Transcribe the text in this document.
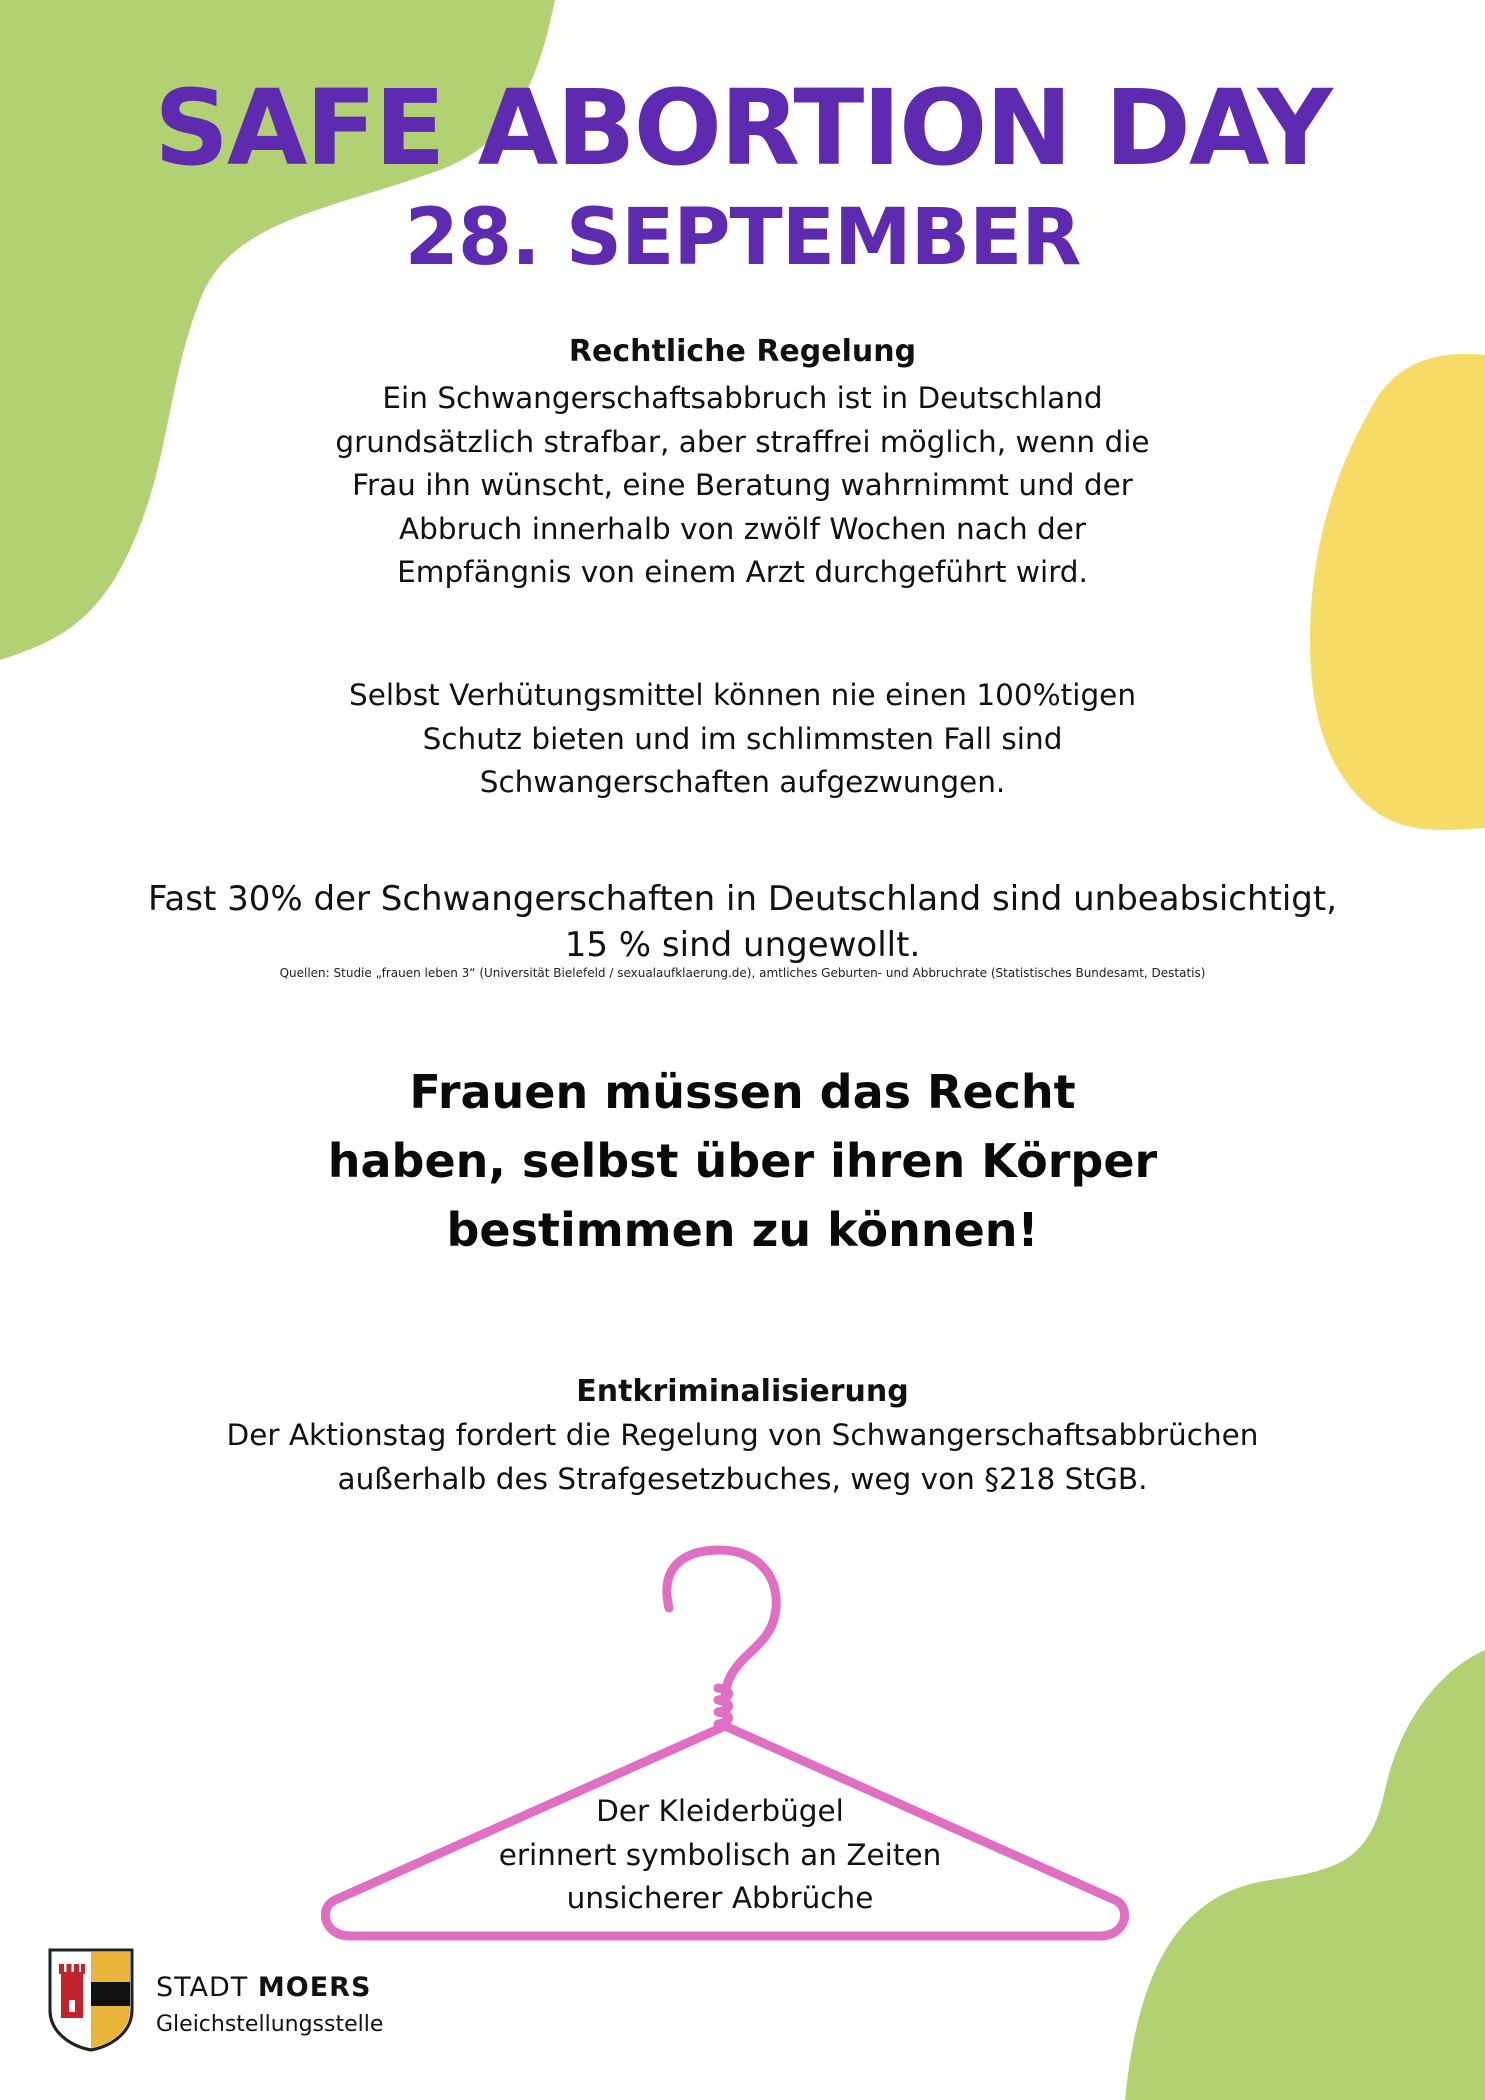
SAFE ABORTION DAY
28. SEPTEMBER
Rechtliche Regelung
Ein Schwangerschaftsabbruch ist in Deutschland
grundsätzlich strafbar, aber straffrei möglich, wenn die
Frau ihn wünscht, eine Beratung wahrnimmt und der
Abbruch innerhalb von zwölf Wochen nach der
Empfängnis von einem Arzt durchgeführt wird.
Selbst Verhütungsmittel können nie einen 100%tigen
Schutz bieten und im schlimmsten Fall sind
Schwangerschaften aufgezwungen.
Fast 30% der Schwangerschaften in Deutschland sind unbeabsichtigt,
15 % sind ungewollt.
Quellen: Studie „frauen leben 3“ (Universität Bielefeld / sexualaufklaerung.de), amtliches Geburten- und Abbruchrate (Statistisches Bundesamt, Destatis)
Frauen müssen das Recht
haben, selbst über ihren Körper
bestimmen zu können!
Entkriminalisierung
Der Aktionstag fordert die Regelung von Schwangerschaftsabbrüchen
außerhalb des Strafgesetzbuches, weg von §218 StGB.
Der Kleiderbügel
erinnert symbolisch an Zeiten
unsicherer Abbrüche
STADT MOERS
Gleichstellungsstelle
